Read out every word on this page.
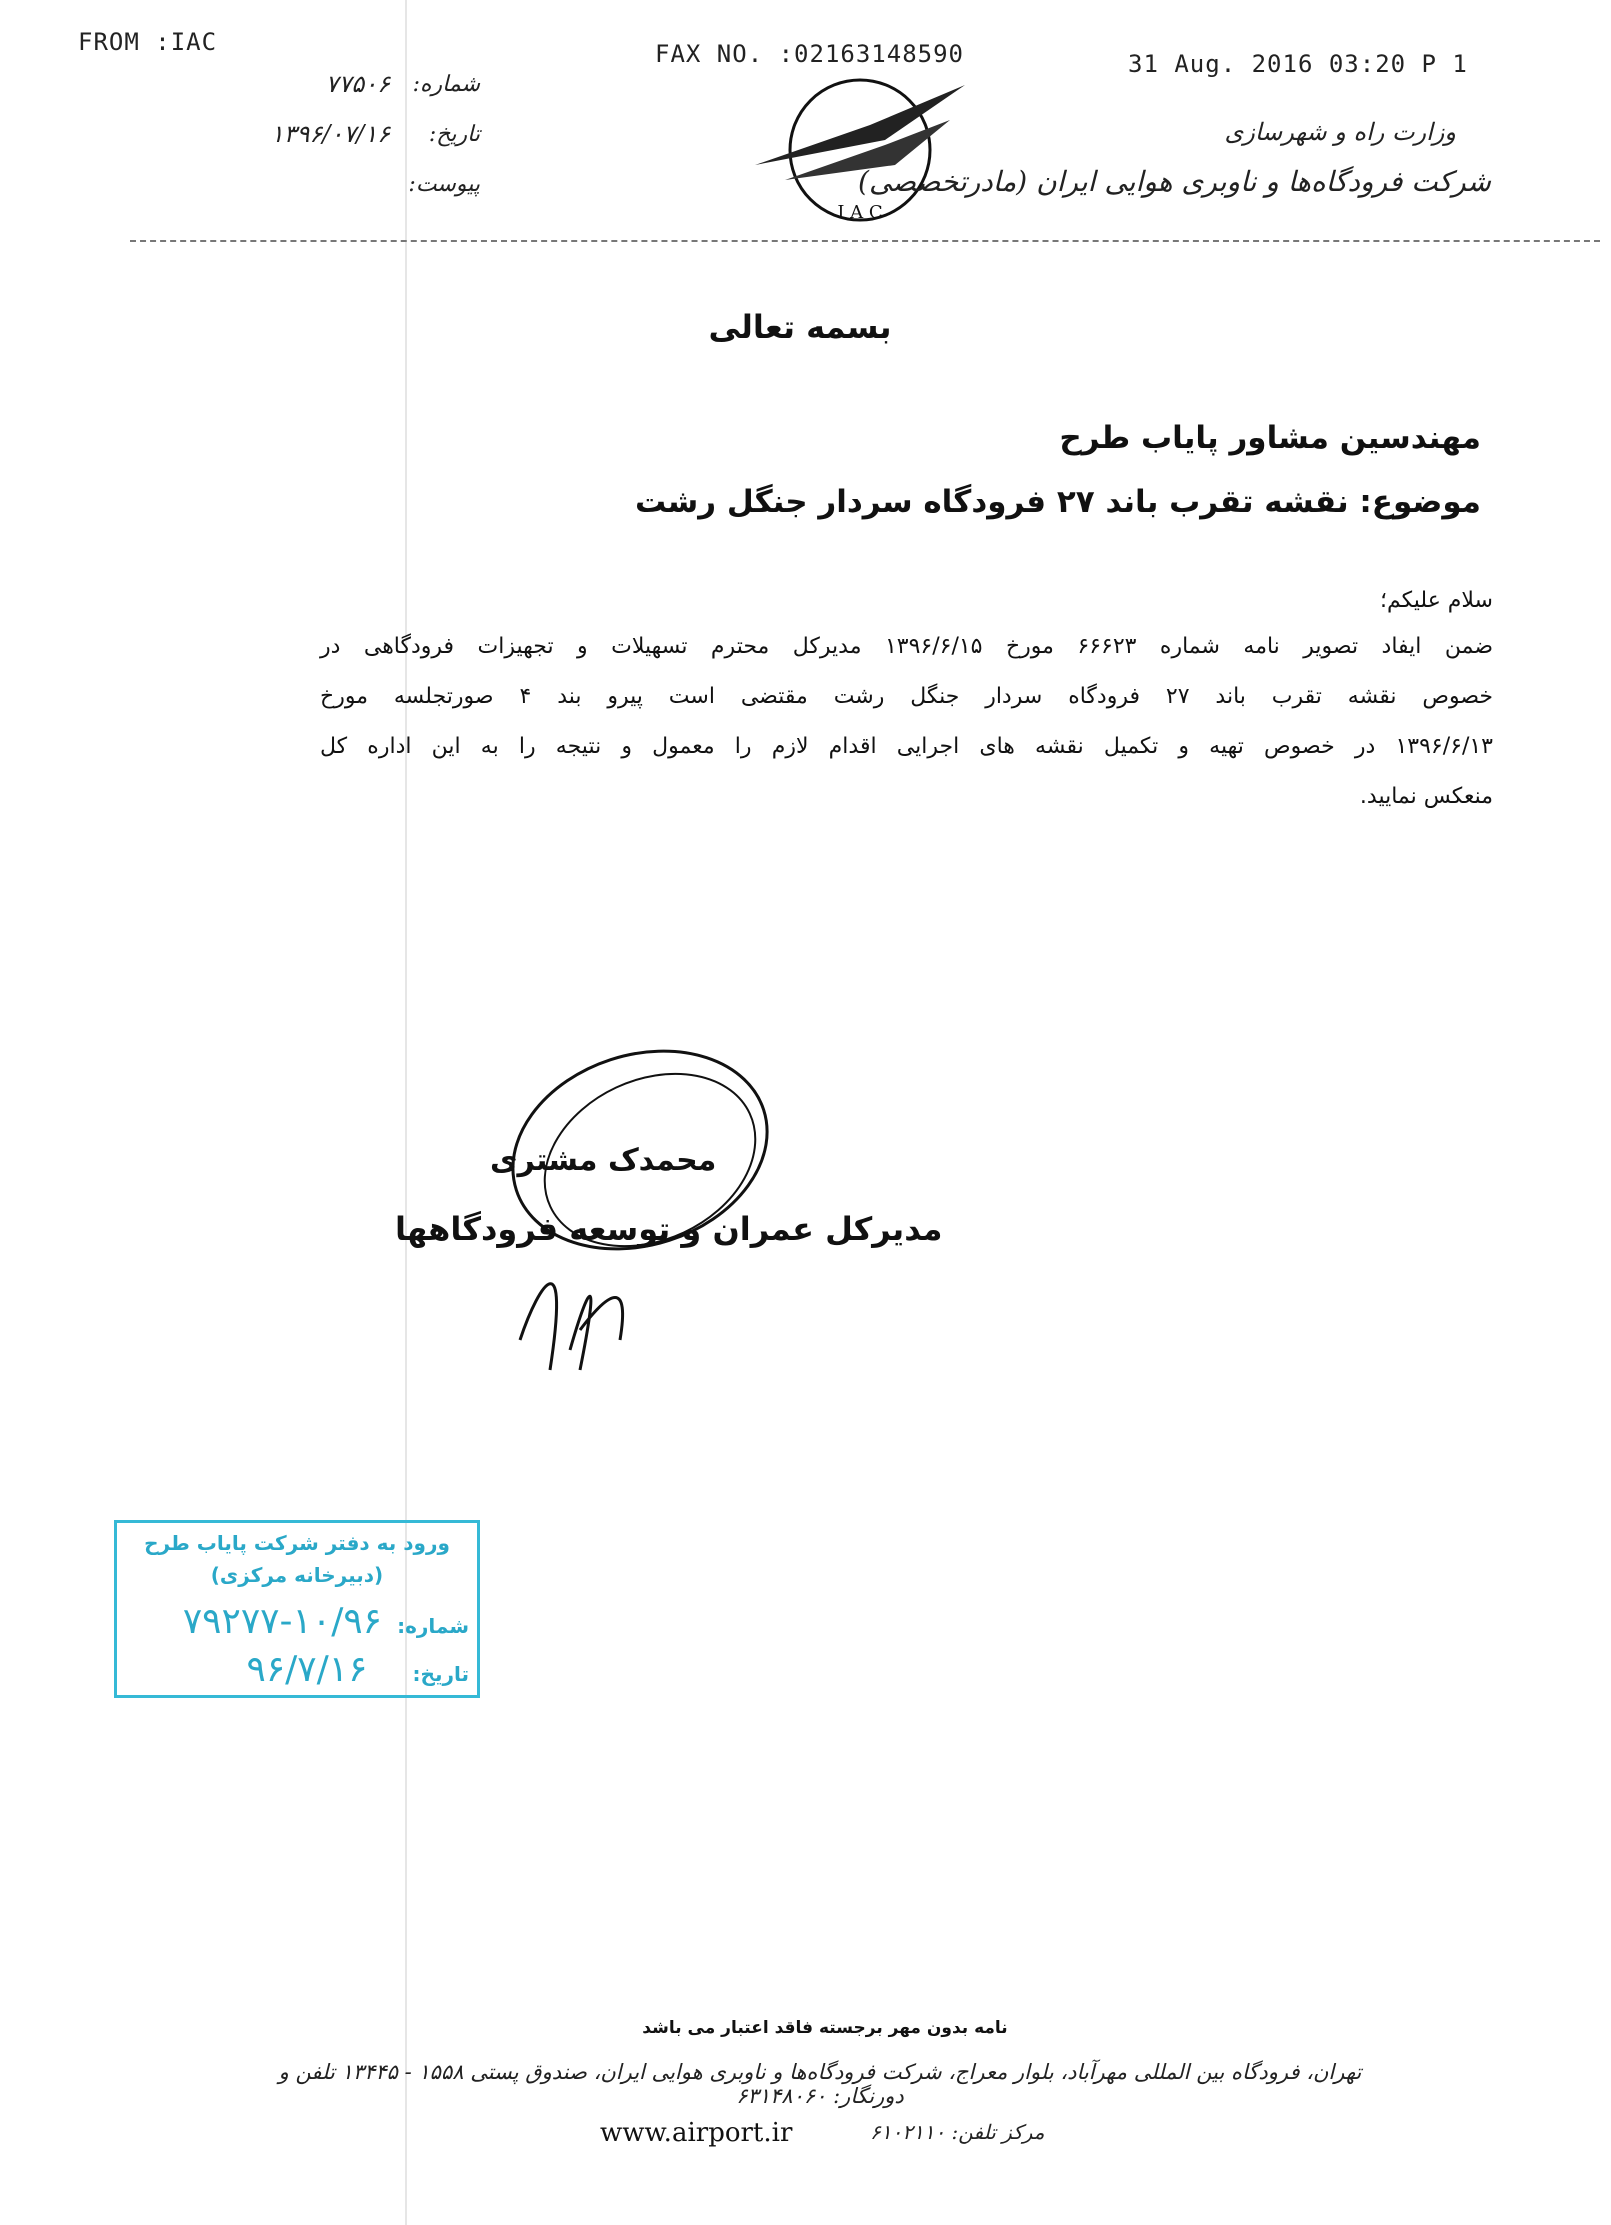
FROM :IAC	FAX NO. :02163148590	31 Aug. 2016 03:20 P 1
شماره:
۷۷۵۰۶
تاریخ:
۱۳۹۶/۰۷/۱۶
پیوست:
I A C
وزارت راه و شهرسازی
شرکت فرودگاه‌ها و ناوبری هوایی ایران (مادرتخصصی)
بسمه تعالی
مهندسین مشاور پایاب طرح
موضوع: نقشه تقرب باند ۲۷ فرودگاه سردار جنگل رشت
سلام علیکم؛

ضمن ایفاد تصویر نامه شماره ۶۶۶۲۳ مورخ ۱۳۹۶/۶/۱۵ مدیرکل محترم تسهیلات و تجهیزات فرودگاهی در

خصوص نقشه تقرب باند ۲۷ فرودگاه سردار جنگل رشت مقتضی است پیرو بند ۴ صورتجلسه مورخ

۱۳۹۶/۶/۱۳ در خصوص تهیه و تکمیل نقشه های اجرایی اقدام لازم را معمول و نتیجه را به این اداره کل

منعکس نمایید.

محمدک مشتری
مدیرکل عمران و توسعه فرودگاهها
ورود به دفتر شرکت پایاب طرح
(دبیرخانه مرکزی)
شماره: ۱۰/۹۶-۷۹۲۷۷
تاریخ: ۹۶/۷/۱۶
نامه بدون مهر برجسته فاقد اعتبار می باشد
تهران، فرودگاه بین المللی مهرآباد، بلوار معراج، شرکت فرودگاه‌ها و ناوبری هوایی ایران، صندوق پستی ۱۵۵۸ - ۱۳۴۴۵ تلفن و دورنگار: ۶۳۱۴۸۰۶۰
www.airport.ir	مرکز تلفن: ۶۱۰۲۱۱۰
